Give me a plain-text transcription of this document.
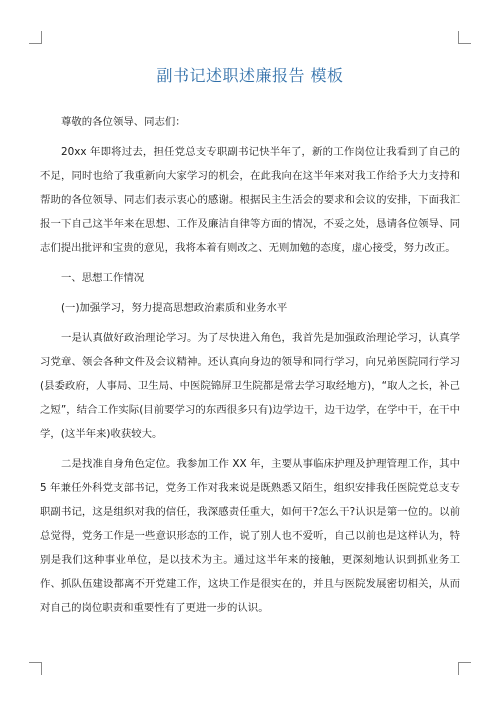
副书记述职述廉报告 模板

尊敬的各位领导、同志们：

20xx 年即将过去，担任党总支专职副书记快半年了，新的工作岗位让我看到了自己的不足，同时也给了我重新向大家学习的机会，在此我向在这半年来对我工作给予大力支持和帮助的各位领导、同志们表示衷心的感谢。根据民主生活会的要求和会议的安排，下面我汇报一下自己这半年来在思想、工作及廉洁自律等方面的情况，不妥之处，恳请各位领导、同志们提出批评和宝贵的意见，我将本着有则改之、无则加勉的态度，虚心接受，努力改正。

一、思想工作情况

(一)加强学习，努力提高思想政治素质和业务水平

一是认真做好政治理论学习。为了尽快进入角色，我首先是加强政治理论学习，认真学习党章、领会各种文件及会议精神。还认真向身边的领导和同行学习，向兄弟医院同行学习(县委政府，人事局、卫生局、中医院锦屏卫生院都是常去学习取经地方)，“取人之长，补己之短”，结合工作实际(目前要学习的东西很多只有)边学边干，边干边学，在学中干，在干中学，(这半年来)收获较大。

二是找准自身角色定位。我参加工作 XX 年，主要从事临床护理及护理管理工作，其中 5 年兼任外科党支部书记，党务工作对我来说是既熟悉又陌生，组织安排我任医院党总支专职副书记，这是组织对我的信任，我深感责任重大，如何干?怎么干?认识是第一位的。以前总觉得，党务工作是一些意识形态的工作，说了别人也不爱听，自己以前也是这样认为，特别是我们这种事业单位，是以技术为主。通过这半年来的接触，更深刻地认识到抓业务工作、抓队伍建设都离不开党建工作，这块工作是很实在的，并且与医院发展密切相关，从而对自己的岗位职责和重要性有了更进一步的认识。
